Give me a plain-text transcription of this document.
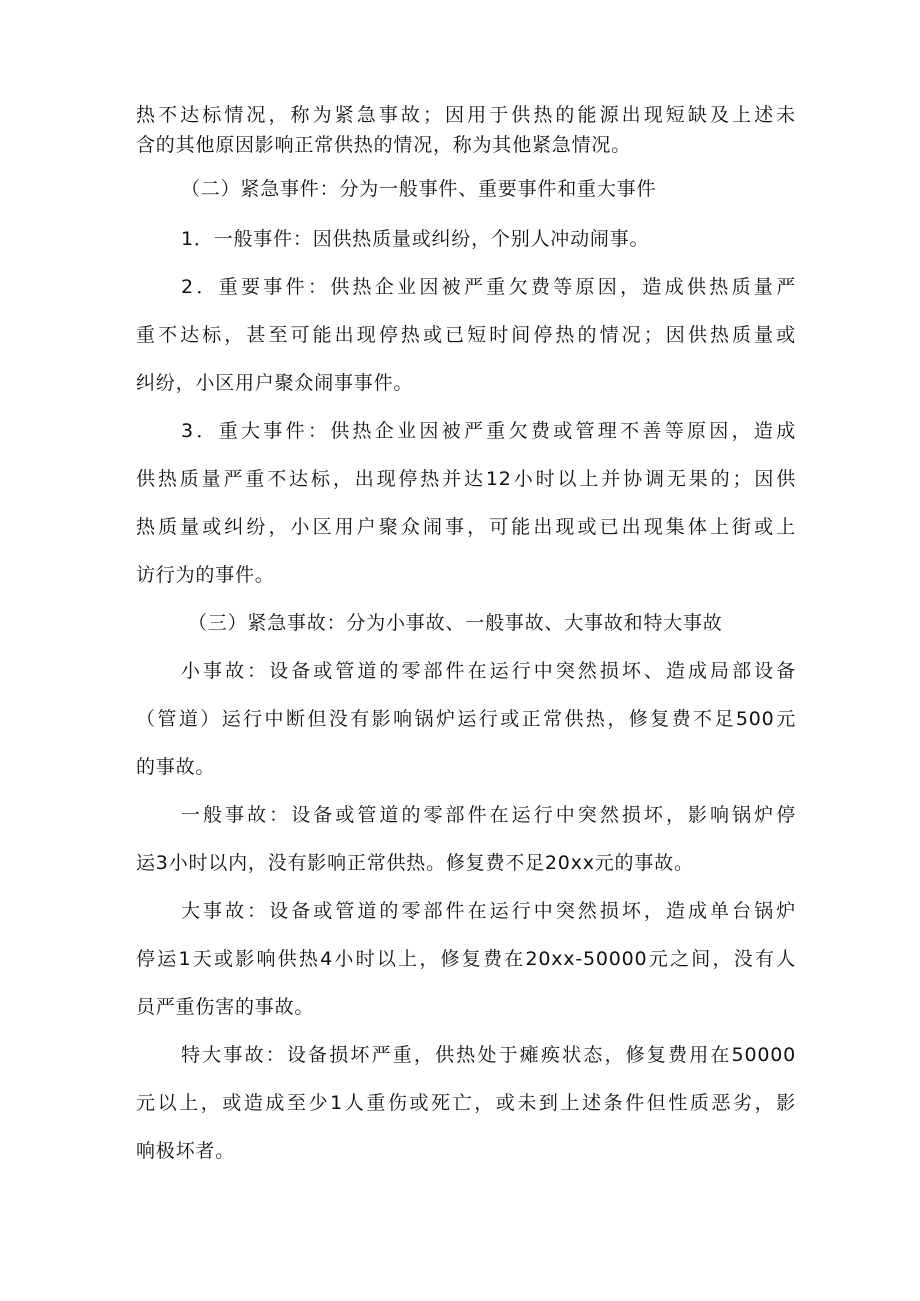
热不达标情况，称为紧急事故；因用于供热的能源出现短缺及上述未
含的其他原因影响正常供热的情况，称为其他紧急情况。
（二）紧急事件：分为一般事件、重要事件和重大事件
1．一般事件：因供热质量或纠纷，个别人冲动闹事。
2．重要事件：供热企业因被严重欠费等原因，造成供热质量严
重不达标，甚至可能出现停热或已短时间停热的情况；因供热质量或
纠纷，小区用户聚众闹事事件。
3．重大事件：供热企业因被严重欠费或管理不善等原因，造成
供热质量严重不达标，出现停热并达12小时以上并协调无果的；因供
热质量或纠纷，小区用户聚众闹事，可能出现或已出现集体上街或上
访行为的事件。
（三）紧急事故：分为小事故、一般事故、大事故和特大事故
小事故：设备或管道的零部件在运行中突然损坏、造成局部设备
（管道）运行中断但没有影响锅炉运行或正常供热，修复费不足500元
的事故。
一般事故：设备或管道的零部件在运行中突然损坏，影响锅炉停
运3小时以内，没有影响正常供热。修复费不足20xx元的事故。
大事故：设备或管道的零部件在运行中突然损坏，造成单台锅炉
停运1天或影响供热4小时以上，修复费在20xx-50000元之间，没有人
员严重伤害的事故。
特大事故：设备损坏严重，供热处于瘫痪状态，修复费用在50000
元以上，或造成至少1人重伤或死亡，或未到上述条件但性质恶劣，影
响极坏者。
